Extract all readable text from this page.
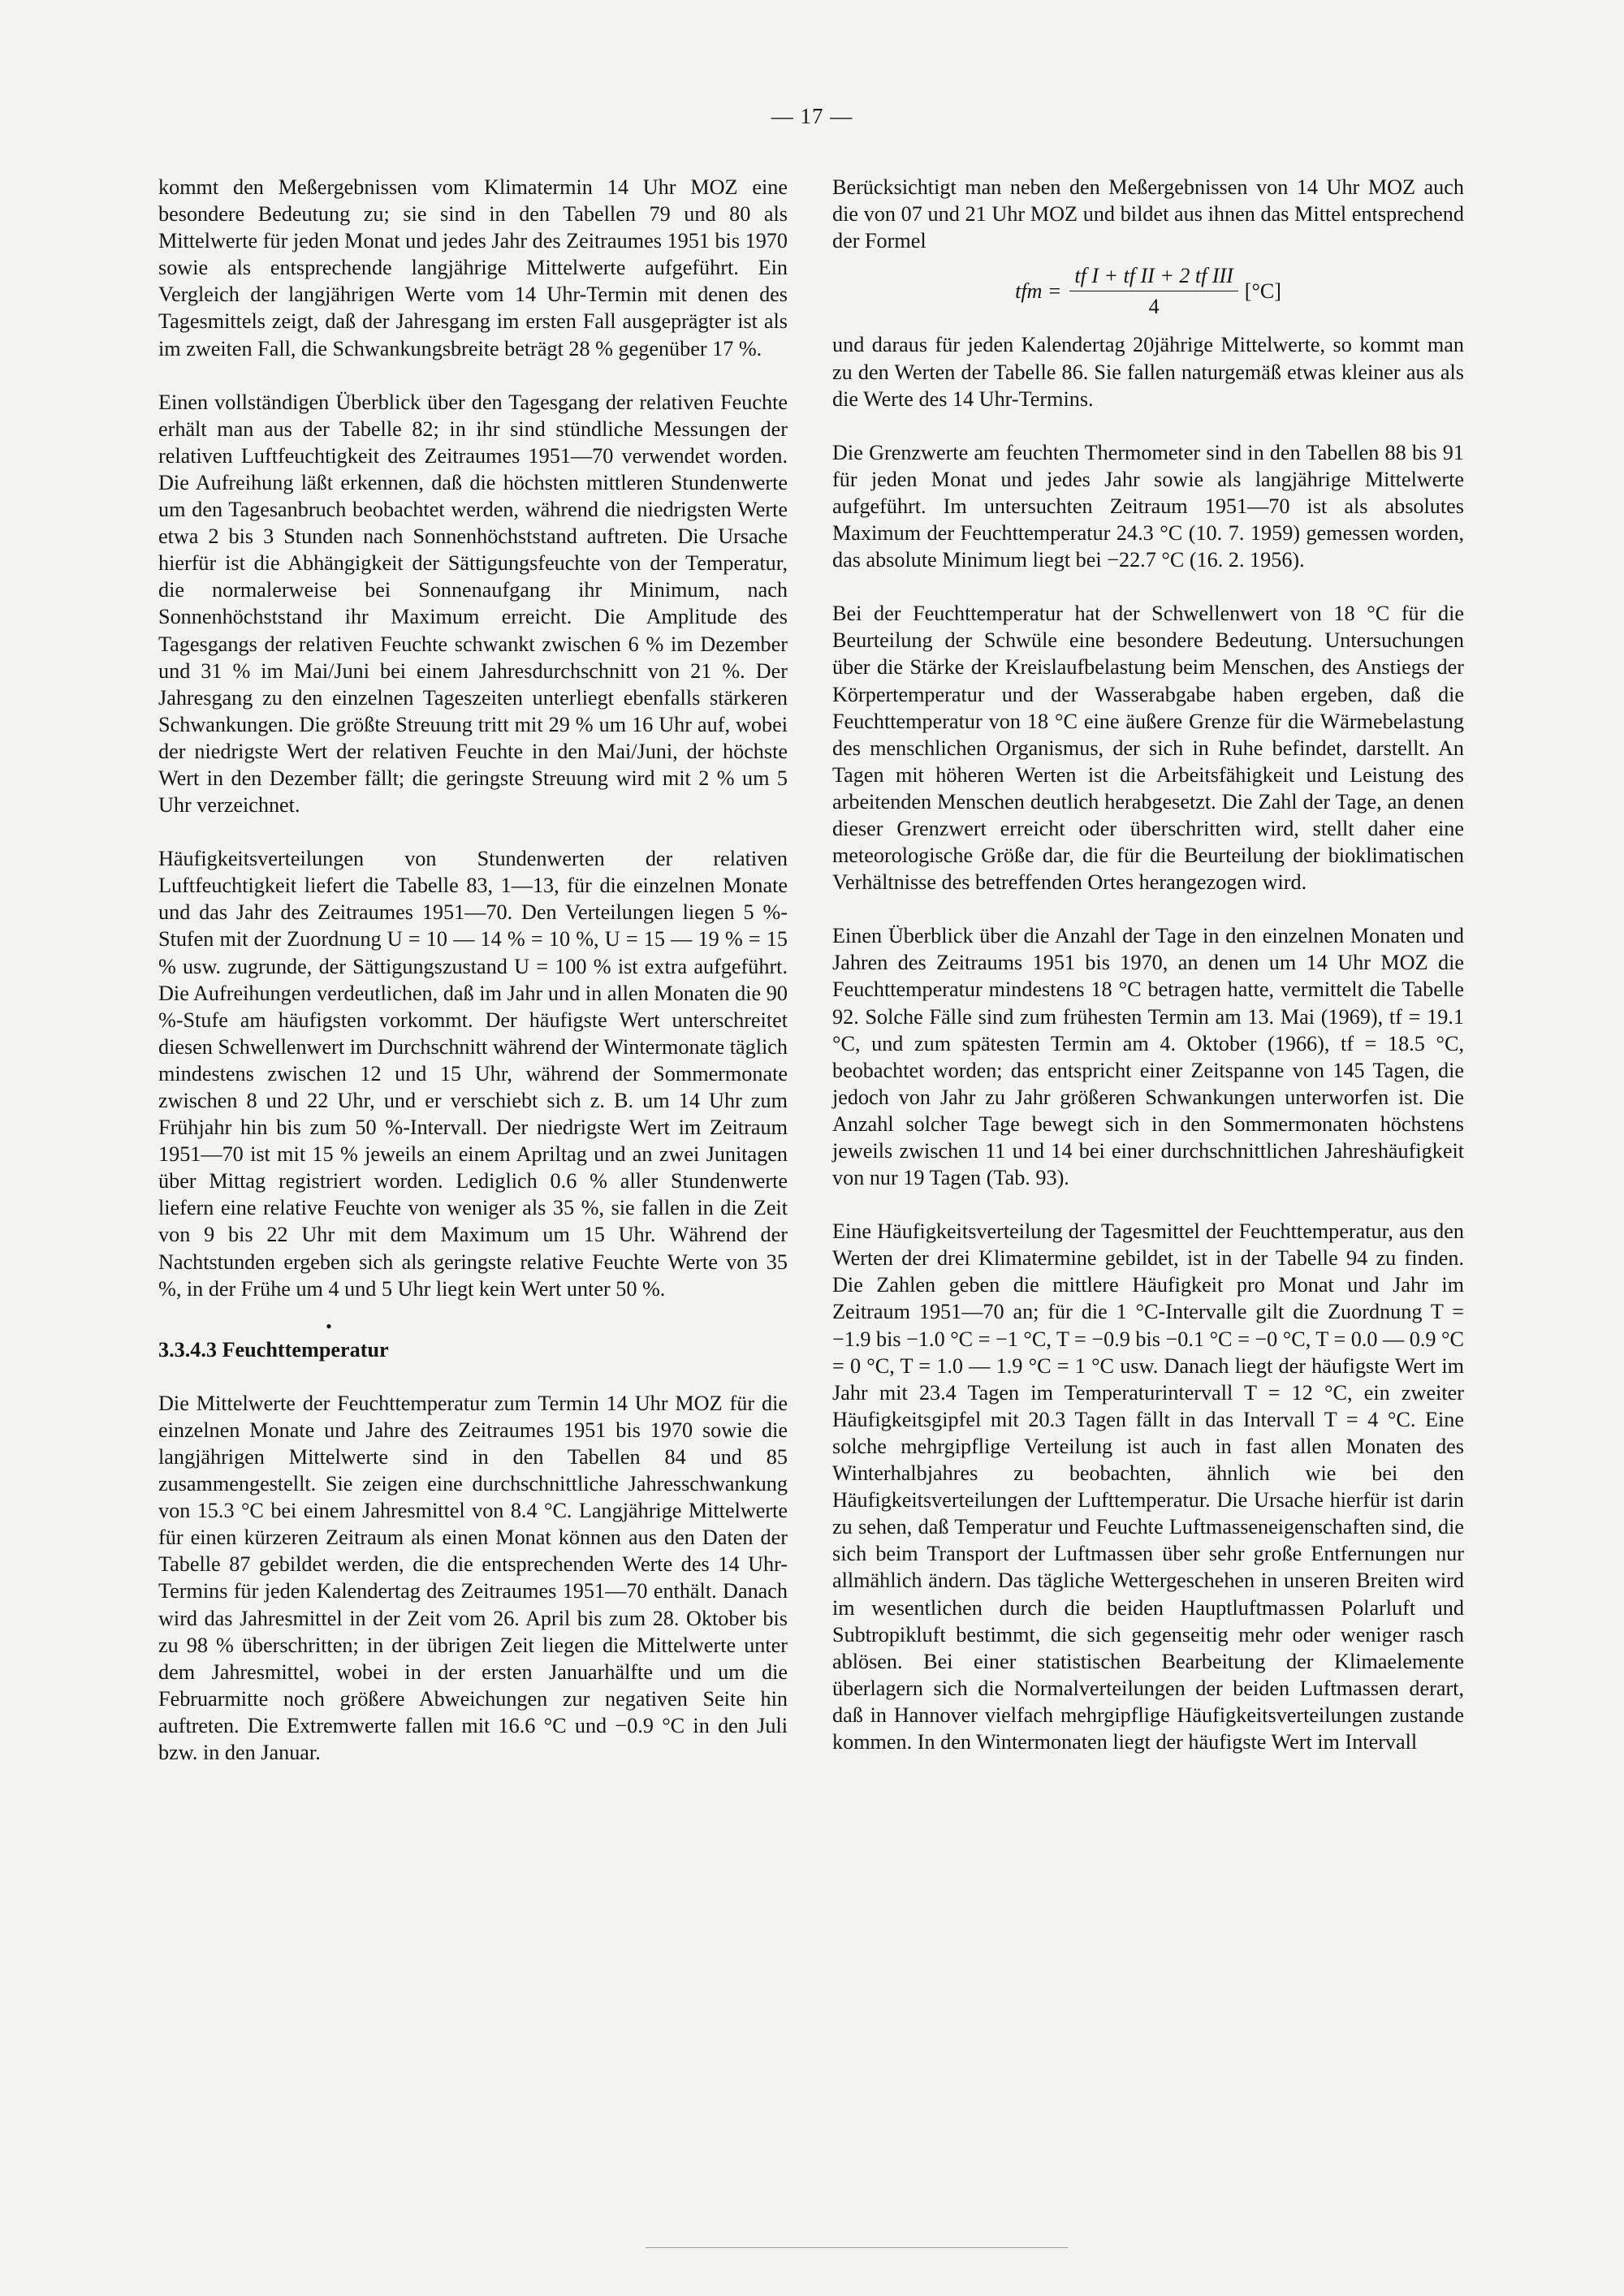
— 17 —

kommt den Meßergebnissen vom Klimatermin 14 Uhr MOZ eine besondere Bedeutung zu; sie sind in den Tabellen 79 und 80 als Mittelwerte für jeden Monat und jedes Jahr des Zeitraumes 1951 bis 1970 sowie als entsprechende langjährige Mittelwerte aufgeführt. Ein Vergleich der langjährigen Werte vom 14 Uhr-Termin mit denen des Tagesmittels zeigt, daß der Jahresgang im ersten Fall ausgeprägter ist als im zweiten Fall, die Schwankungsbreite beträgt 28 % gegenüber 17 %.

Einen vollständigen Überblick über den Tagesgang der relativen Feuchte erhält man aus der Tabelle 82; in ihr sind stündliche Messungen der relativen Luftfeuchtigkeit des Zeitraumes 1951—70 verwendet worden. Die Aufreihung läßt erkennen, daß die höchsten mittleren Stundenwerte um den Tagesanbruch beobachtet werden, während die niedrigsten Werte etwa 2 bis 3 Stunden nach Sonnenhöchststand auftreten. Die Ursache hierfür ist die Abhängigkeit der Sättigungsfeuchte von der Temperatur, die normalerweise bei Sonnenaufgang ihr Minimum, nach Sonnenhöchststand ihr Maximum erreicht. Die Amplitude des Tagesgangs der relativen Feuchte schwankt zwischen 6 % im Dezember und 31 % im Mai/Juni bei einem Jahresdurchschnitt von 21 %. Der Jahresgang zu den einzelnen Tageszeiten unterliegt ebenfalls stärkeren Schwankungen. Die größte Streuung tritt mit 29 % um 16 Uhr auf, wobei der niedrigste Wert der relativen Feuchte in den Mai/Juni, der höchste Wert in den Dezember fällt; die geringste Streuung wird mit 2 % um 5 Uhr verzeichnet.

Häufigkeitsverteilungen von Stundenwerten der relativen Luftfeuchtigkeit liefert die Tabelle 83, 1—13, für die einzelnen Monate und das Jahr des Zeitraumes 1951—70. Den Verteilungen liegen 5 %-Stufen mit der Zuordnung U = 10 — 14 % = 10 %, U = 15 — 19 % = 15 % usw. zugrunde, der Sättigungszustand U = 100 % ist extra aufgeführt. Die Aufreihungen verdeutlichen, daß im Jahr und in allen Monaten die 90 %-Stufe am häufigsten vorkommt. Der häufigste Wert unterschreitet diesen Schwellenwert im Durchschnitt während der Wintermonate täglich mindestens zwischen 12 und 15 Uhr, während der Sommermonate zwischen 8 und 22 Uhr, und er verschiebt sich z. B. um 14 Uhr zum Frühjahr hin bis zum 50 %-Intervall. Der niedrigste Wert im Zeitraum 1951—70 ist mit 15 % jeweils an einem Apriltag und an zwei Junitagen über Mittag registriert worden. Lediglich 0.6 % aller Stundenwerte liefern eine relative Feuchte von weniger als 35 %, sie fallen in die Zeit von 9 bis 22 Uhr mit dem Maximum um 15 Uhr. Während der Nachtstunden ergeben sich als geringste relative Feuchte Werte von 35 %, in der Frühe um 4 und 5 Uhr liegt kein Wert unter 50 %.

•
3.3.4.3 Feuchttemperatur

Die Mittelwerte der Feuchttemperatur zum Termin 14 Uhr MOZ für die einzelnen Monate und Jahre des Zeitraumes 1951 bis 1970 sowie die langjährigen Mittelwerte sind in den Tabellen 84 und 85 zusammengestellt. Sie zeigen eine durchschnittliche Jahresschwankung von 15.3 °C bei einem Jahresmittel von 8.4 °C. Langjährige Mittelwerte für einen kürzeren Zeitraum als einen Monat können aus den Daten der Tabelle 87 gebildet werden, die die entsprechenden Werte des 14 Uhr-Termins für jeden Kalendertag des Zeitraumes 1951—70 enthält. Danach wird das Jahresmittel in der Zeit vom 26. April bis zum 28. Oktober bis zu 98 % überschritten; in der übrigen Zeit liegen die Mittelwerte unter dem Jahresmittel, wobei in der ersten Januarhälfte und um die Februarmitte noch größere Abweichungen zur negativen Seite hin auftreten. Die Extremwerte fallen mit 16.6 °C und −0.9 °C in den Juli bzw. in den Januar.

Berücksichtigt man neben den Meßergebnissen von 14 Uhr MOZ auch die von 07 und 21 Uhr MOZ und bildet aus ihnen das Mittel entsprechend der Formel

tfm = $\frac{\text{tf I + tf II + 2 tf III}}{4} [^\circ C]$

und daraus für jeden Kalendertag 20jährige Mittelwerte, so kommt man zu den Werten der Tabelle 86. Sie fallen naturgemäß etwas kleiner aus als die Werte des 14 Uhr-Termins.

Die Grenzwerte am feuchten Thermometer sind in den Tabellen 88 bis 91 für jeden Monat und jedes Jahr sowie als langjährige Mittelwerte aufgeführt. Im untersuchten Zeitraum 1951—70 ist als absolutes Maximum der Feuchttemperatur 24.3 °C (10. 7. 1959) gemessen worden, das absolute Minimum liegt bei −22.7 °C (16. 2. 1956).

Bei der Feuchttemperatur hat der Schwellenwert von 18 °C für die Beurteilung der Schwüle eine besondere Bedeutung. Untersuchungen über die Stärke der Kreislaufbelastung beim Menschen, des Anstiegs der Körpertemperatur und der Wasserabgabe haben ergeben, daß die Feuchttemperatur von 18 °C eine äußere Grenze für die Wärmebelastung des menschlichen Organismus, der sich in Ruhe befindet, darstellt. An Tagen mit höheren Werten ist die Arbeitsfähigkeit und Leistung des arbeitenden Menschen deutlich herabgesetzt. Die Zahl der Tage, an denen dieser Grenzwert erreicht oder überschritten wird, stellt daher eine meteorologische Größe dar, die für die Beurteilung der bioklimatischen Verhältnisse des betreffenden Ortes herangezogen wird.

Einen Überblick über die Anzahl der Tage in den einzelnen Monaten und Jahren des Zeitraums 1951 bis 1970, an denen um 14 Uhr MOZ die Feuchttemperatur mindestens 18 °C betragen hatte, vermittelt die Tabelle 92. Solche Fälle sind zum frühesten Termin am 13. Mai (1969), tf = 19.1 °C, und zum spätesten Termin am 4. Oktober (1966), tf = 18.5 °C, beobachtet worden; das entspricht einer Zeitspanne von 145 Tagen, die jedoch von Jahr zu Jahr größeren Schwankungen unterworfen ist. Die Anzahl solcher Tage bewegt sich in den Sommermonaten höchstens jeweils zwischen 11 und 14 bei einer durchschnittlichen Jahreshäufigkeit von nur 19 Tagen (Tab. 93).

Eine Häufigkeitsverteilung der Tagesmittel der Feuchttemperatur, aus den Werten der drei Klimatermine gebildet, ist in der Tabelle 94 zu finden. Die Zahlen geben die mittlere Häufigkeit pro Monat und Jahr im Zeitraum 1951—70 an; für die 1 °C-Intervalle gilt die Zuordnung T = −1.9 bis −1.0 °C = −1 °C, T = −0.9 bis −0.1 °C = −0 °C, T = 0.0 — 0.9 °C = 0 °C, T = 1.0 — 1.9 °C = 1 °C usw. Danach liegt der häufigste Wert im Jahr mit 23.4 Tagen im Temperaturintervall T = 12 °C, ein zweiter Häufigkeitsgipfel mit 20.3 Tagen fällt in das Intervall T = 4 °C. Eine solche mehrgipflige Verteilung ist auch in fast allen Monaten des Winterhalbjahres zu beobachten, ähnlich wie bei den Häufigkeitsverteilungen der Lufttemperatur. Die Ursache hierfür ist darin zu sehen, daß Temperatur und Feuchte Luftmasseneigenschaften sind, die sich beim Transport der Luftmassen über sehr große Entfernungen nur allmählich ändern. Das tägliche Wettergeschehen in unseren Breiten wird im wesentlichen durch die beiden Hauptluftmassen Polarluft und Subtropikluft bestimmt, die sich gegenseitig mehr oder weniger rasch ablösen. Bei einer statistischen Bearbeitung der Klimaelemente überlagern sich die Normalverteilungen der beiden Luftmassen derart, daß in Hannover vielfach mehrgipflige Häufigkeitsverteilungen zustande kommen. In den Wintermonaten liegt der häufigste Wert im Intervall
